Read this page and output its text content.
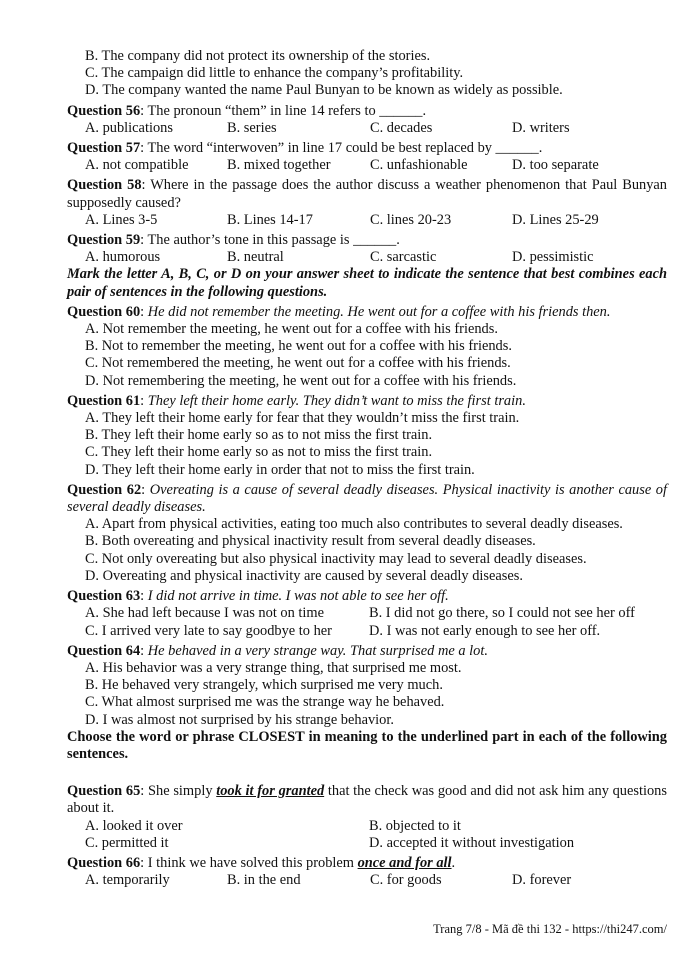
B. The company did not protect its ownership of the stories.
C. The campaign did little to enhance the company’s profitability.
D. The company wanted the name Paul Bunyan to be known as widely as possible.
Question 56: The pronoun “them” in line 14 refers to ______.
A. publications	B. series	C. decades	D. writers
Question 57: The word “interwoven” in line 17 could be best replaced by ______.
A. not compatible	B. mixed together	C. unfashionable	D. too separate
Question 58: Where in the passage does the author discuss a weather phenomenon that Paul Bunyan supposedly caused?
A. Lines 3-5	B. Lines 14-17	C. lines 20-23	D. Lines 25-29
Question 59: The author’s tone in this passage is ______.
A. humorous	B. neutral	C. sarcastic	D. pessimistic
Mark the letter A, B, C, or D on your answer sheet to indicate the sentence that best combines each pair of sentences in the following questions.
Question 60: He did not remember the meeting. He went out for a coffee with his friends then.
A. Not remember the meeting, he went out for a coffee with his friends.
B. Not to remember the meeting, he went out for a coffee with his friends.
C. Not remembered the meeting, he went out for a coffee with his friends.
D. Not remembering the meeting, he went out for a coffee with his friends.
Question 61: They left their home early. They didn’t want to miss the first train.
A. They left their home early for fear that they wouldn’t miss the first train.
B. They left their home early so as to not miss the first train.
C. They left their home early so as not to miss the first train.
D. They left their home early in order that not to miss the first train.
Question 62: Overeating is a cause of several deadly diseases. Physical inactivity is another cause of several deadly diseases.
A. Apart from physical activities, eating too much also contributes to several deadly diseases.
B. Both overeating and physical inactivity result from several deadly diseases.
C. Not only overeating but also physical inactivity may lead to several deadly diseases.
D. Overeating and physical inactivity are caused by several deadly diseases.
Question 63: I did not arrive in time. I was not able to see her off.
A. She had left because I was not on time	B. I did not go there, so I could not see her off
C. I arrived very late to say goodbye to her	D. I was not early enough to see her off.
Question 64: He behaved in a very strange way. That surprised me a lot.
A. His behavior was a very strange thing, that surprised me most.
B. He behaved very strangely, which surprised me very much.
C. What almost surprised me was the strange way he behaved.
D. I was almost not surprised by his strange behavior.
Choose the word or phrase CLOSEST in meaning to the underlined part in each of the following sentences.
Question 65: She simply took it for granted that the check was good and did not ask him any questions about it.
A. looked it over	B. objected to it
C. permitted it	D. accepted it without investigation
Question 66: I think we have solved this problem once and for all.
A. temporarily	B. in the end	C. for goods	D. forever
Trang 7/8 - Mã đề thi 132 - https://thi247.com/
